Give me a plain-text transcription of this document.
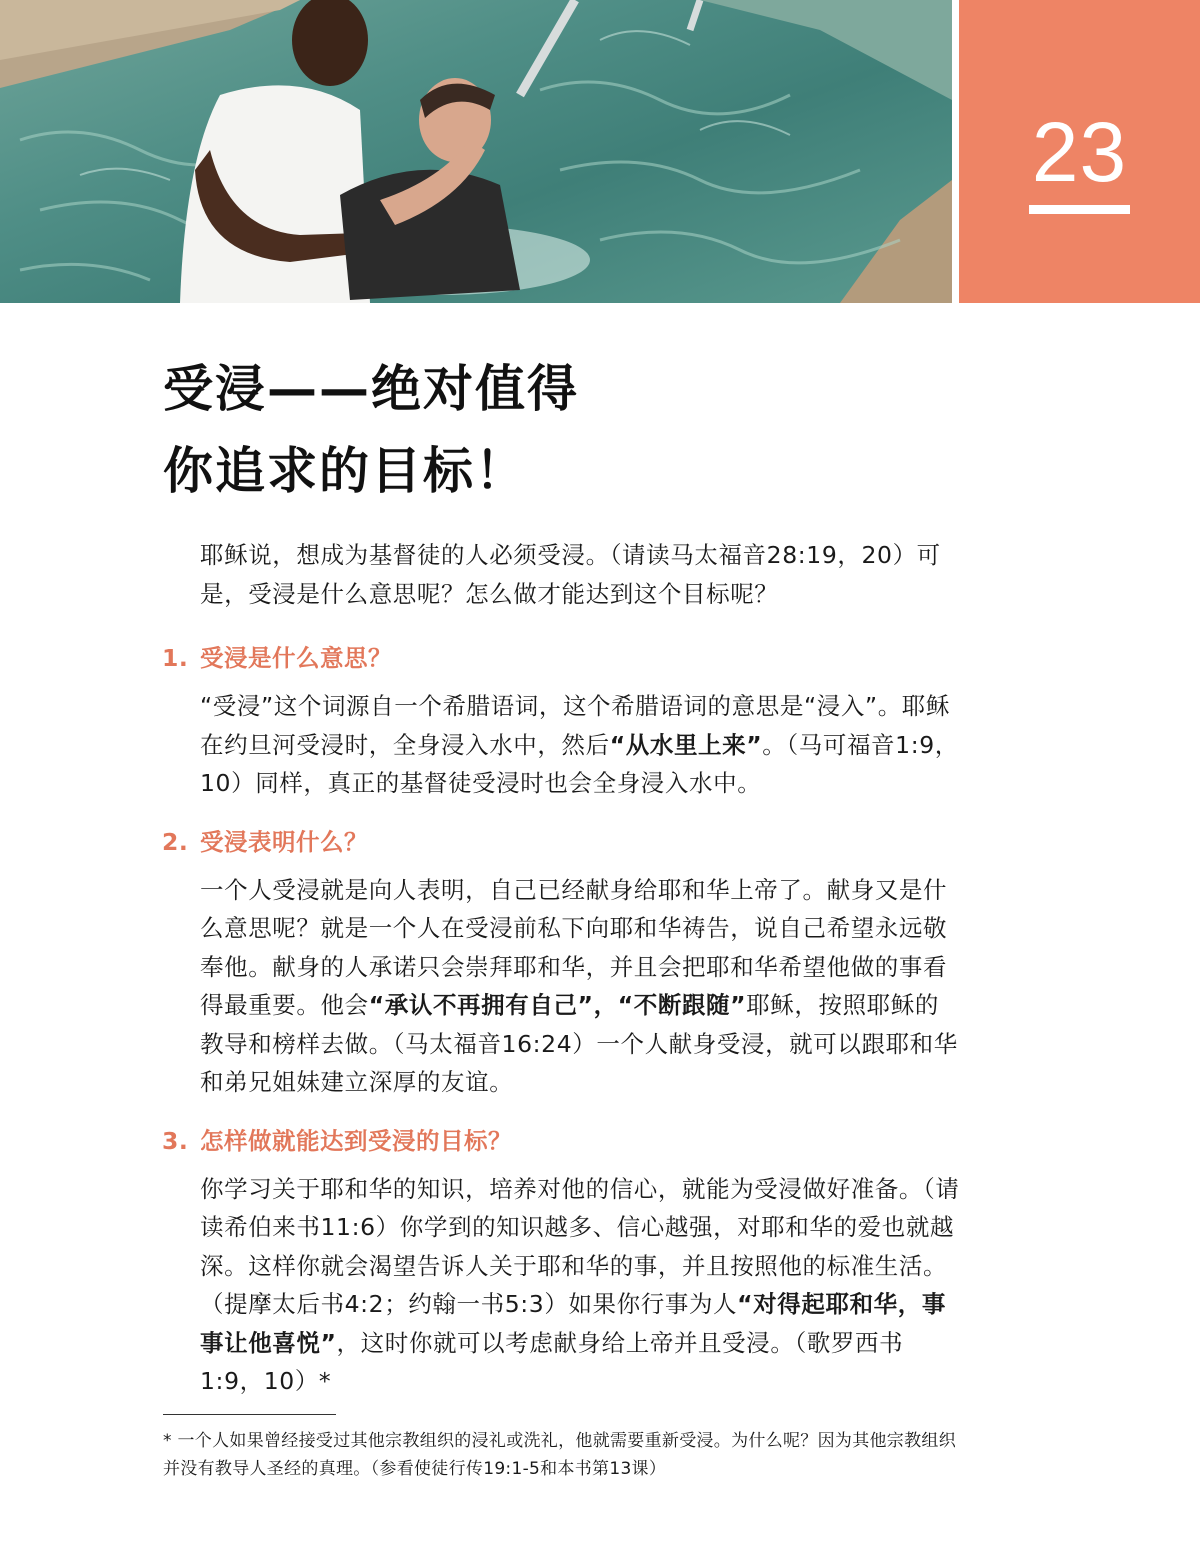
23
受浸——绝对值得
你追求的目标！

耶稣说，想成为基督徒的人必须受浸。（请读马太福音28:19，20）可是，受浸是什么意思呢？怎么做才能达到这个目标呢？

1. 受浸是什么意思？

“受浸”这个词源自一个希腊语词，这个希腊语词的意思是“浸入”。耶稣在约旦河受浸时，全身浸入水中，然后“从水里上来”。（马可福音1:9，10）同样，真正的基督徒受浸时也会全身浸入水中。

2. 受浸表明什么？

一个人受浸就是向人表明，自己已经献身给耶和华上帝了。献身又是什么意思呢？就是一个人在受浸前私下向耶和华祷告，说自己希望永远敬奉他。献身的人承诺只会崇拜耶和华，并且会把耶和华希望他做的事看得最重要。他会“承认不再拥有自己”，“不断跟随”耶稣，按照耶稣的教导和榜样去做。（马太福音16:24）一个人献身受浸，就可以跟耶和华和弟兄姐妹建立深厚的友谊。

3. 怎样做就能达到受浸的目标？

你学习关于耶和华的知识，培养对他的信心，就能为受浸做好准备。（请读希伯来书11:6）你学到的知识越多、信心越强，对耶和华的爱也就越深。这样你就会渴望告诉人关于耶和华的事，并且按照他的标准生活。（提摩太后书4:2；约翰一书5:3）如果你行事为人“对得起耶和华，事事让他喜悦”，这时你就可以考虑献身给上帝并且受浸。（歌罗西书1:9，10）*

* 一个人如果曾经接受过其他宗教组织的浸礼或洗礼，他就需要重新受浸。为什么呢？因为其他宗教组织并没有教导人圣经的真理。（参看使徒行传19:1-5和本书第13课）
